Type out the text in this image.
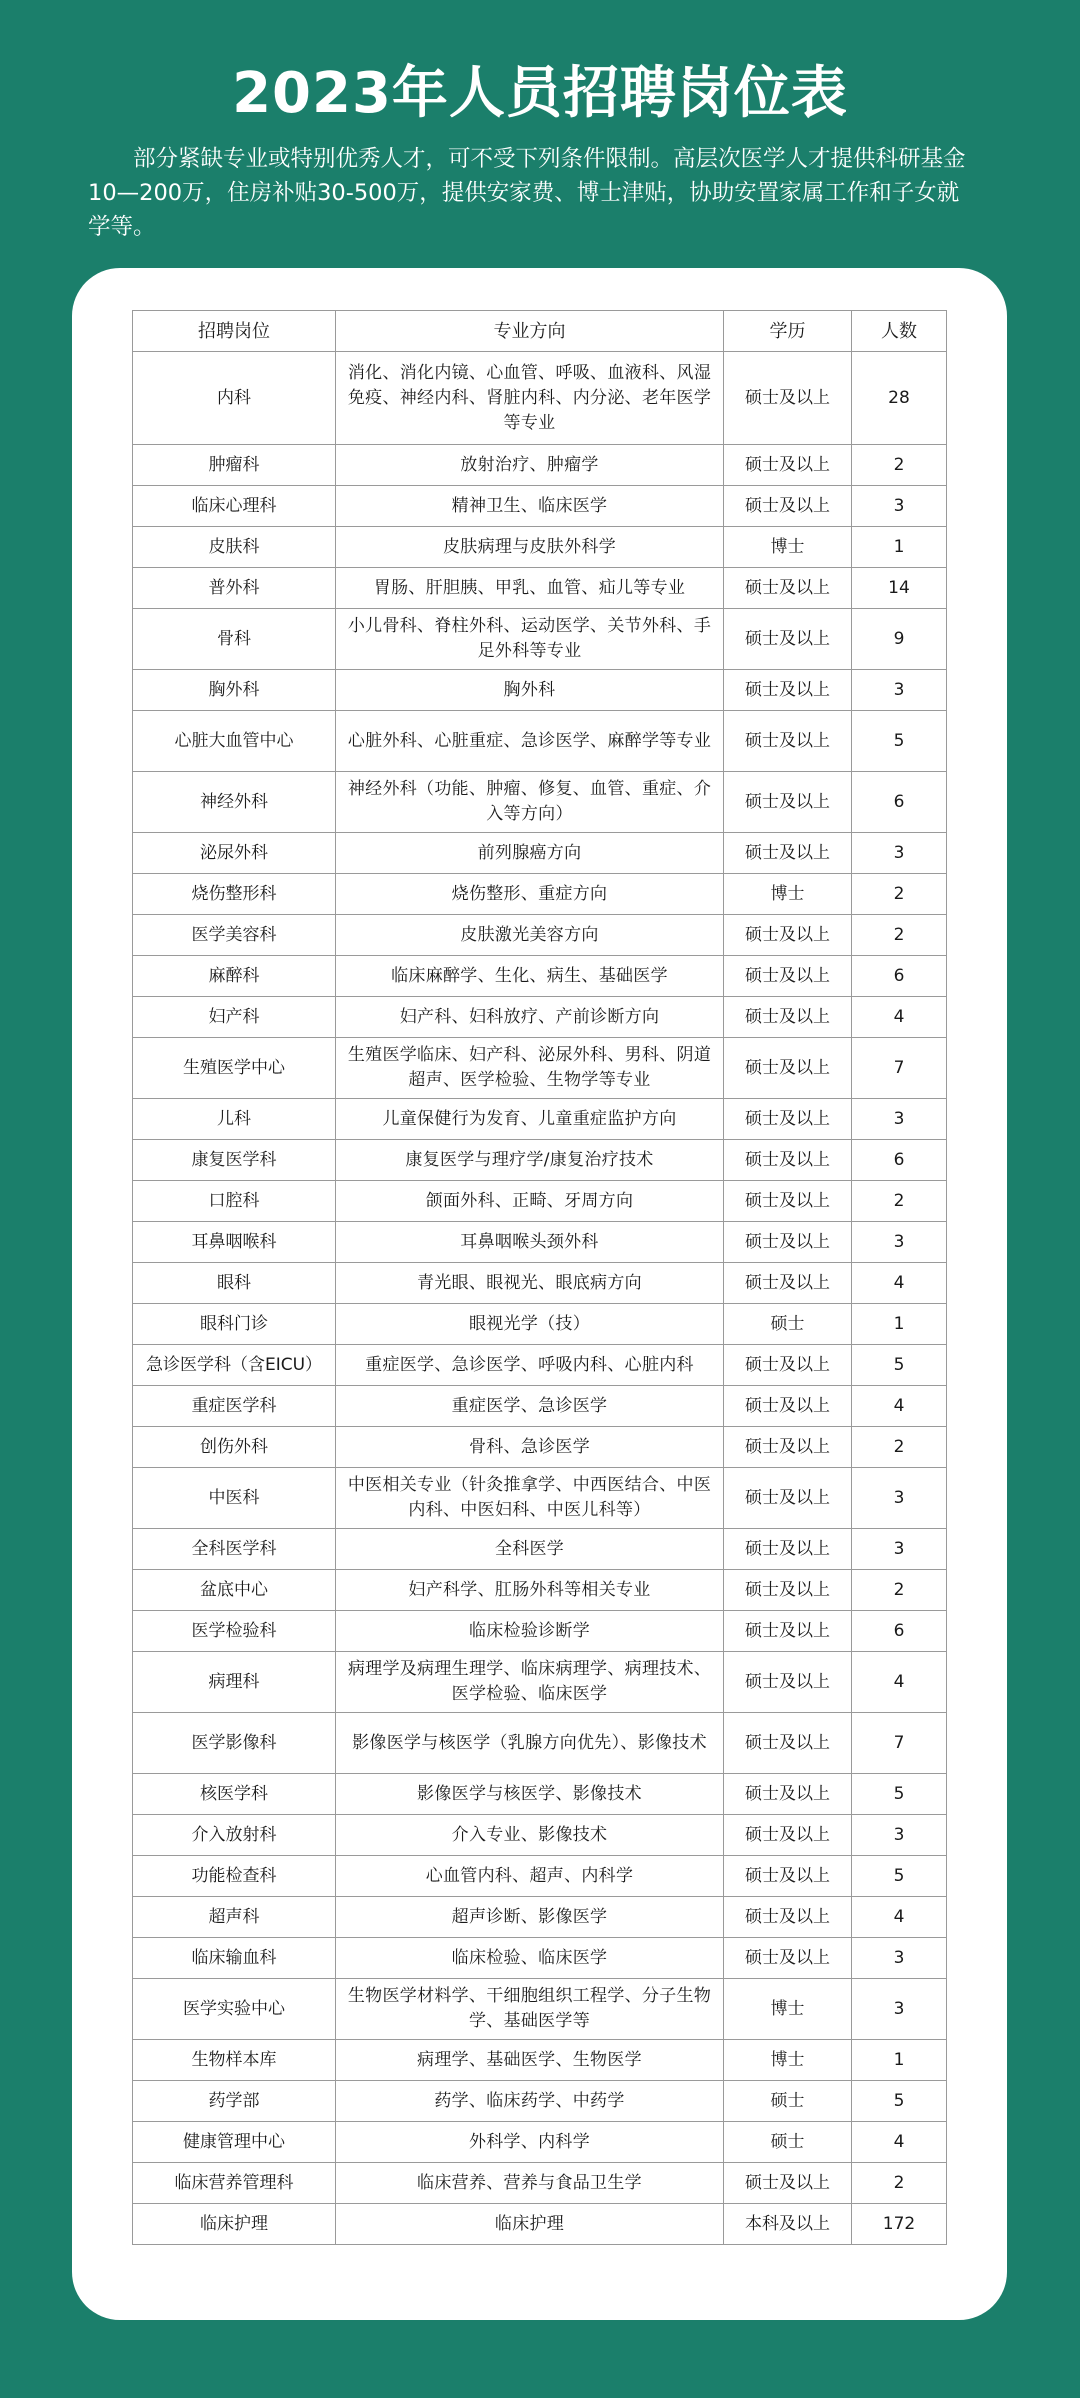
2023年人员招聘岗位表

部分紧缺专业或特别优秀人才，可不受下列条件限制。高层次医学人才提供科研基金10—200万，住房补贴30-500万，提供安家费、博士津贴，协助安置家属工作和子女就学等。

招聘岗位	专业方向	学历	人数
内科	消化、消化内镜、心血管、呼吸、血液科、风湿免疫、神经内科、肾脏内科、内分泌、老年医学等专业	硕士及以上	28
肿瘤科	放射治疗、肿瘤学	硕士及以上	2
临床心理科	精神卫生、临床医学	硕士及以上	3
皮肤科	皮肤病理与皮肤外科学	博士	1
普外科	胃肠、肝胆胰、甲乳、血管、疝儿等专业	硕士及以上	14
骨科	小儿骨科、脊柱外科、运动医学、关节外科、手足外科等专业	硕士及以上	9
胸外科	胸外科	硕士及以上	3
心脏大血管中心	心脏外科、心脏重症、急诊医学、麻醉学等专业	硕士及以上	5
神经外科	神经外科（功能、肿瘤、修复、血管、重症、介入等方向）	硕士及以上	6
泌尿外科	前列腺癌方向	硕士及以上	3
烧伤整形科	烧伤整形、重症方向	博士	2
医学美容科	皮肤激光美容方向	硕士及以上	2
麻醉科	临床麻醉学、生化、病生、基础医学	硕士及以上	6
妇产科	妇产科、妇科放疗、产前诊断方向	硕士及以上	4
生殖医学中心	生殖医学临床、妇产科、泌尿外科、男科、阴道超声、医学检验、生物学等专业	硕士及以上	7
儿科	儿童保健行为发育、儿童重症监护方向	硕士及以上	3
康复医学科	康复医学与理疗学/康复治疗技术	硕士及以上	6
口腔科	颌面外科、正畸、牙周方向	硕士及以上	2
耳鼻咽喉科	耳鼻咽喉头颈外科	硕士及以上	3
眼科	青光眼、眼视光、眼底病方向	硕士及以上	4
眼科门诊	眼视光学（技）	硕士	1
急诊医学科（含EICU）	重症医学、急诊医学、呼吸内科、心脏内科	硕士及以上	5
重症医学科	重症医学、急诊医学	硕士及以上	4
创伤外科	骨科、急诊医学	硕士及以上	2
中医科	中医相关专业（针灸推拿学、中西医结合、中医内科、中医妇科、中医儿科等）	硕士及以上	3
全科医学科	全科医学	硕士及以上	3
盆底中心	妇产科学、肛肠外科等相关专业	硕士及以上	2
医学检验科	临床检验诊断学	硕士及以上	6
病理科	病理学及病理生理学、临床病理学、病理技术、医学检验、临床医学	硕士及以上	4
医学影像科	影像医学与核医学（乳腺方向优先）、影像技术	硕士及以上	7
核医学科	影像医学与核医学、影像技术	硕士及以上	5
介入放射科	介入专业、影像技术	硕士及以上	3
功能检查科	心血管内科、超声、内科学	硕士及以上	5
超声科	超声诊断、影像医学	硕士及以上	4
临床输血科	临床检验、临床医学	硕士及以上	3
医学实验中心	生物医学材料学、干细胞组织工程学、分子生物学、基础医学等	博士	3
生物样本库	病理学、基础医学、生物医学	博士	1
药学部	药学、临床药学、中药学	硕士	5
健康管理中心	外科学、内科学	硕士	4
临床营养管理科	临床营养、营养与食品卫生学	硕士及以上	2
临床护理	临床护理	本科及以上	172
